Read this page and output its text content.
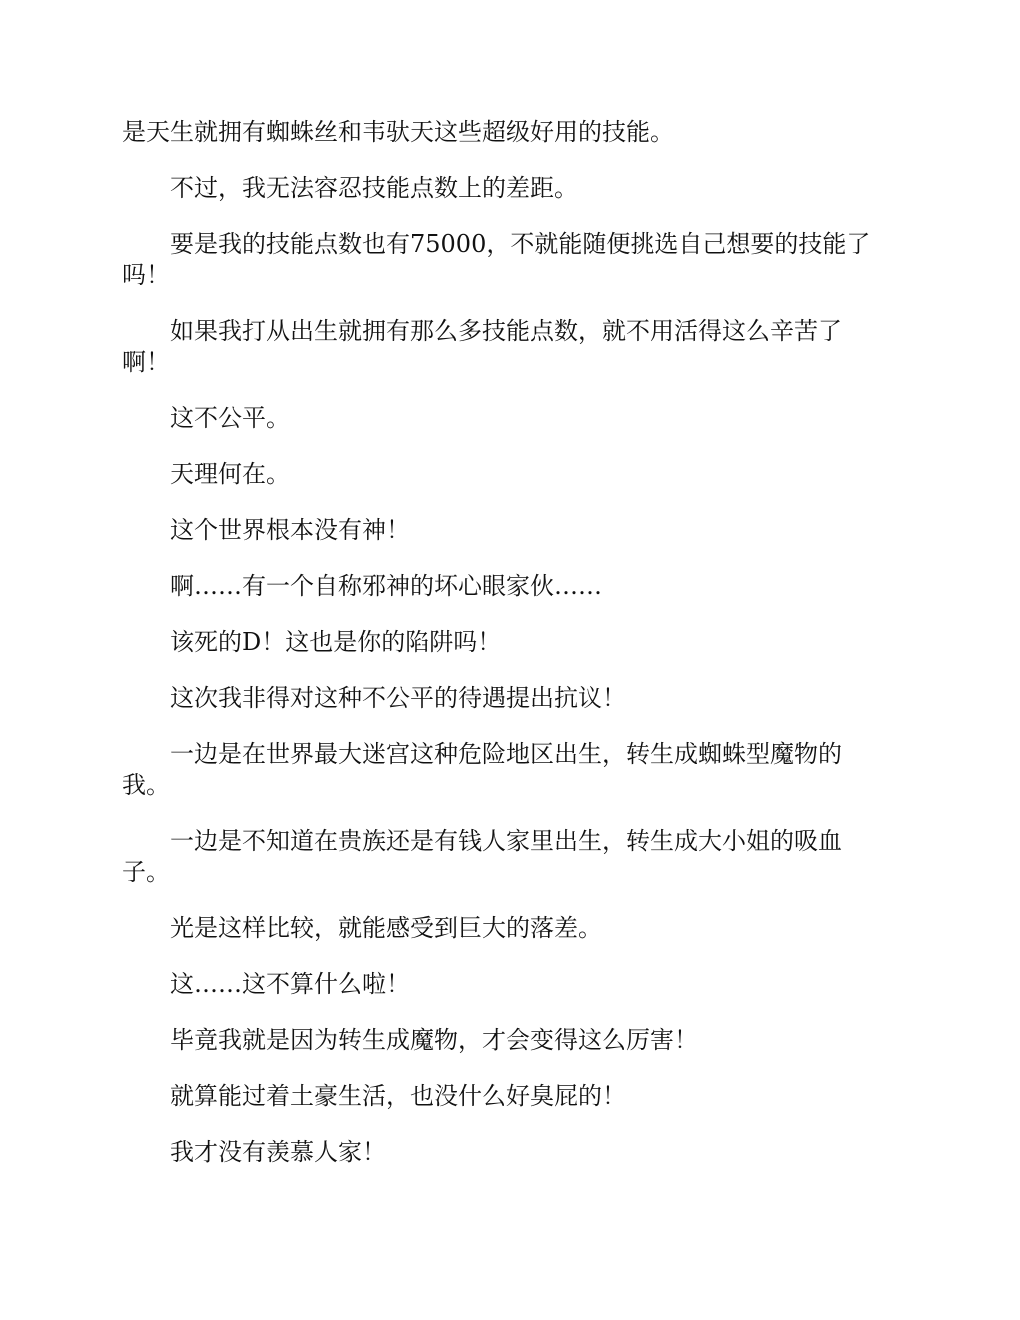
是天生就拥有蜘蛛丝和韦驮天这些超级好用的技能。

不过，我无法容忍技能点数上的差距。

要是我的技能点数也有75000，不就能随便挑选自己想要的技能了吗！

如果我打从出生就拥有那么多技能点数，就不用活得这么辛苦了啊！

这不公平。

天理何在。

这个世界根本没有神！

啊……有一个自称邪神的坏心眼家伙……

该死的D！这也是你的陷阱吗！

这次我非得对这种不公平的待遇提出抗议！

一边是在世界最大迷宫这种危险地区出生，转生成蜘蛛型魔物的我。

一边是不知道在贵族还是有钱人家里出生，转生成大小姐的吸血子。

光是这样比较，就能感受到巨大的落差。

这……这不算什么啦！

毕竟我就是因为转生成魔物，才会变得这么厉害！

就算能过着土豪生活，也没什么好臭屁的！

我才没有羡慕人家！
